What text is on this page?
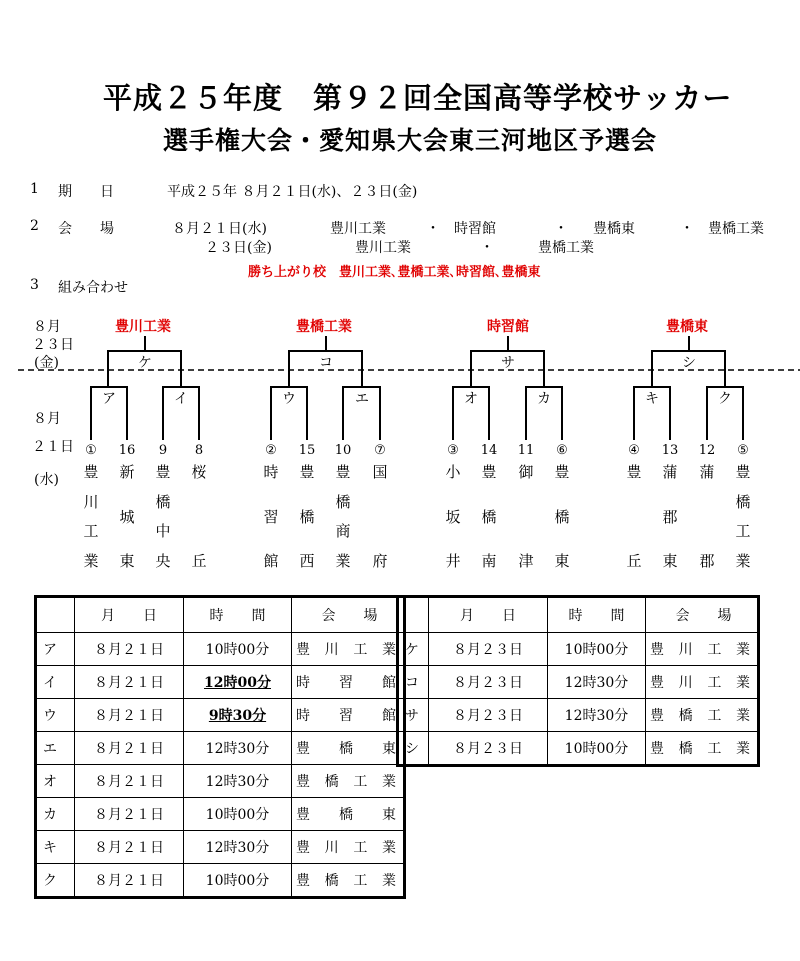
平成２５年度　第９２回全国高等学校サッカー
選手権大会・愛知県大会東三河地区予選会
1 期　　日	平成２５年 ８月２１日(水)、２３日(金)
2 会　　場	８月２１日(水)	豊川工業	・ 時習館	・ 豊橋東	・ 豊橋工業
２３日(金)	豊川工業	・	豊橋工業
勝ち上がり校　豊川工業､豊橋工業､時習館､豊橋東
3 組み合わせ
８月
２３日
(金)
８月
２１日
(水)
豊川工業	豊橋工業	時習館	豊橋東
ケ	コ	サ	シ
ア	イ	ウ	エ	オ	カ	キ	ク
①
豊
川
工
業
16
新
城
東
9
豊
橋
中
央
8
桜
丘
②
時
習
館
15
豊
橋
西
10
豊
橋
商
業
⑦
国
府
③
小
坂
井
14
豊
橋
南
11
御
津
⑥
豊
橋
東
④
豊
丘
13
蒲
郡
東
12
蒲
郡
⑤
豊
橋
工
業
	月　　日	時　　間	会　　場
ア	８月２１日	10時00分	豊 川 工 業

イ	８月２１日	12時00分	時 習 館

ウ	８月２１日	9時30分	時 習 館

エ	８月２１日	12時30分	豊 橋 東

オ	８月２１日	12時30分	豊 橋 工 業

カ	８月２１日	10時00分	豊 橋 東

キ	８月２１日	12時30分	豊 川 工 業

ク	８月２１日	10時00分	豊 橋 工 業
	月　　日	時　　間	会　　場
ケ	８月２３日	10時00分	豊 川 工 業

コ	８月２３日	12時30分	豊 川 工 業

サ	８月２３日	12時30分	豊 橋 工 業

シ	８月２３日	10時00分	豊 橋 工 業
